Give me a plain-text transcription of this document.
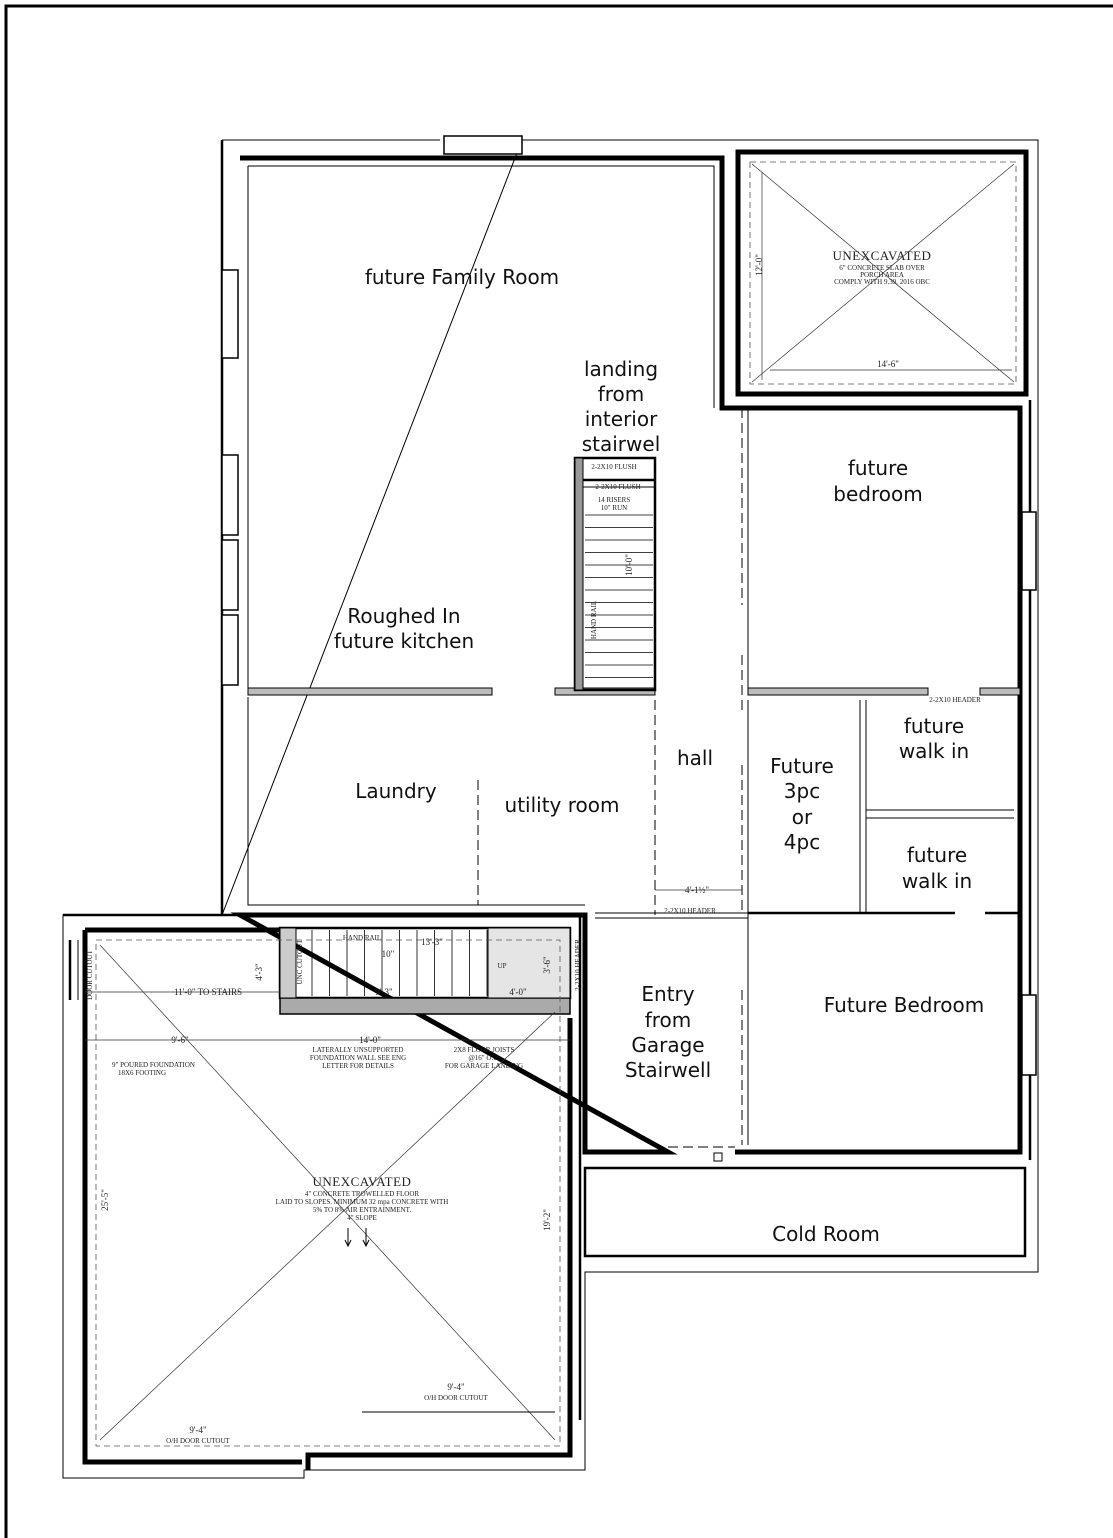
UNEXCAVATED
6" CONCRETE SLAB OVER
PORCH AREA
COMPLY WITH 9.39. 2016 OBC
12'-0"
14'-6"
2-2X10 FLUSH
2-2X10 FLUSH
14 RISERS
10" RUN
10'-0"
HAND RAIL
2-2X10 HEADER
2-2X10 HEADER
4'-1½"
HAND RAIL	13'-3"
10"
9'-3"
UP
4'-0"
3'-6"
4'-3"	UNC CUTOUT	2-2X10 HEADER
DOOR CUTOUT	11'-0" TO STAIRS
9'-6"	14'-0"
LATERALLY UNSUPPORTED
FOUNDATION WALL SEE ENG
LETTER FOR DETAILS
2X8 FLOOR JOISTS
@16" O.C.
FOR GARAGE LANDING
9" POURED FOUNDATION
18X6 FOOTING
UNEXCAVATED
4" CONCRETE TROWELLED FLOOR
LAID TO SLOPES. MINIMUM 32 mpa CONCRETE WITH
5% TO 8% AIR ENTRAINMENT.
4" SLOPE
25'-5"
19'-2"
9'-4"
O/H DOOR CUTOUT
9'-4"
O/H DOOR CUTOUT
future Family Room
landing
from
interior
stairwel
Roughed In
future kitchen
future
bedroom
Laundry
utility room
hall	Future
3pc
or
4pc
future
walk in
future
walk in
Entry
from
Garage
Stairwell
Future Bedroom
Cold Room
